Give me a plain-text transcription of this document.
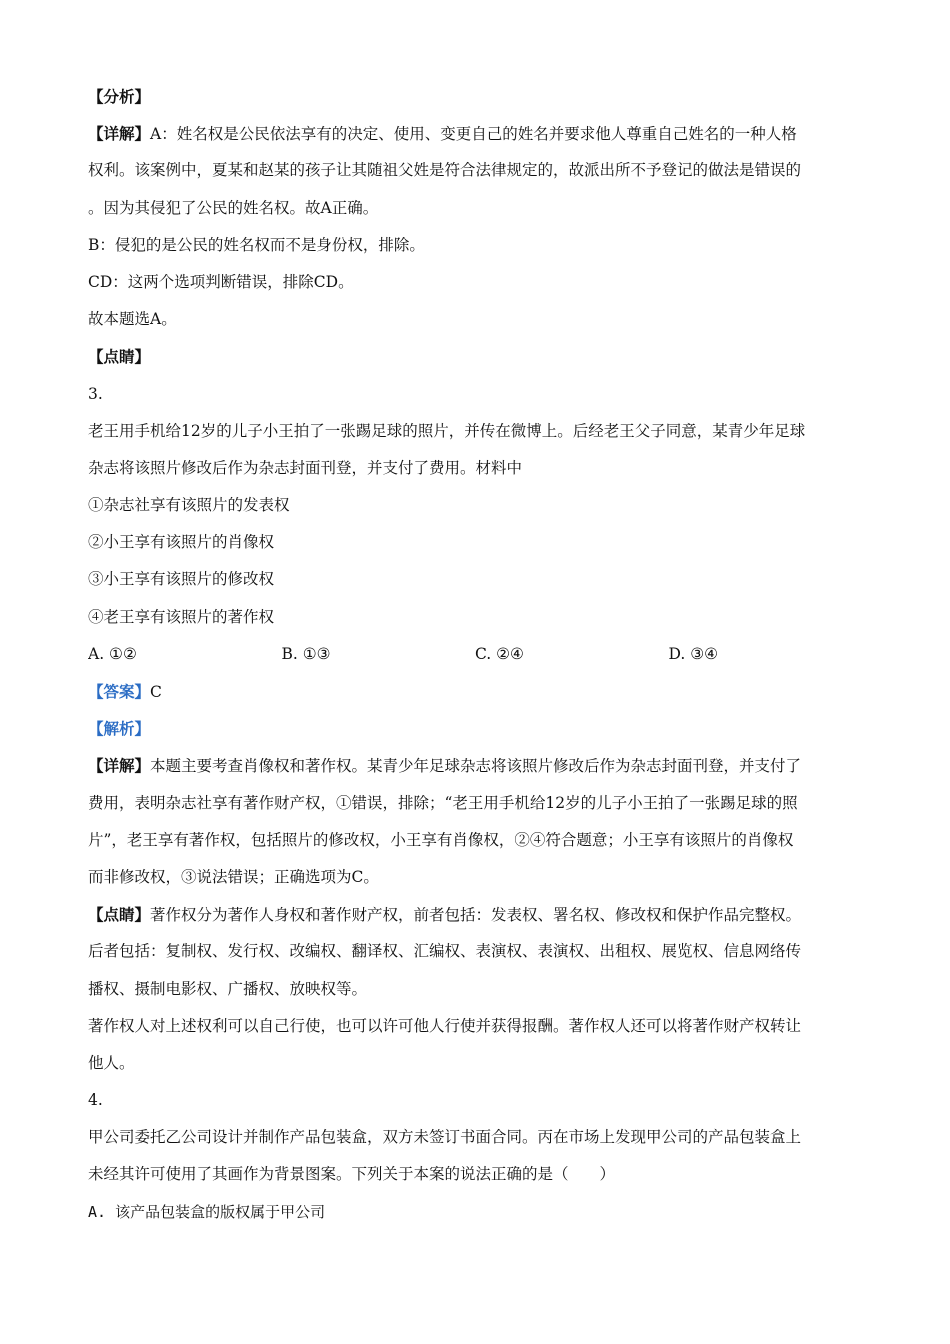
【分析】
【详解】A：姓名权是公民依法享有的决定、使用、变更自己的姓名并要求他人尊重自己姓名的一种人格
权利。该案例中，夏某和赵某的孩子让其随祖父姓是符合法律规定的，故派出所不予登记的做法是错误的
。因为其侵犯了公民的姓名权。故A正确。
B：侵犯的是公民的姓名权而不是身份权，排除。
CD：这两个选项判断错误，排除CD。
故本题选A。
【点睛】
3.
老王用手机给12岁的儿子小王拍了一张踢足球的照片，并传在微博上。后经老王父子同意，某青少年足球
杂志将该照片修改后作为杂志封面刊登，并支付了费用。材料中
①杂志社享有该照片的发表权
②小王享有该照片的肖像权
③小王享有该照片的修改权
④老王享有该照片的著作权
A. ①②	B. ①③	C. ②④	D. ③④
【答案】C
【解析】
【详解】本题主要考查肖像权和著作权。某青少年足球杂志将该照片修改后作为杂志封面刊登，并支付了
费用，表明杂志社享有著作财产权，①错误，排除；“老王用手机给12岁的儿子小王拍了一张踢足球的照
片”，老王享有著作权，包括照片的修改权，小王享有肖像权，②④符合题意；小王享有该照片的肖像权
而非修改权，③说法错误；正确选项为C。
【点睛】著作权分为著作人身权和著作财产权，前者包括：发表权、署名权、修改权和保护作品完整权。
后者包括：复制权、发行权、改编权、翻译权、汇编权、表演权、表演权、出租权、展览权、信息网络传
播权、摄制电影权、广播权、放映权等。
著作权人对上述权利可以自己行使，也可以许可他人行使并获得报酬。著作权人还可以将著作财产权转让
他人。
4.
甲公司委托乙公司设计并制作产品包装盒，双方未签订书面合同。丙在市场上发现甲公司的产品包装盒上
未经其许可使用了其画作为背景图案。下列关于本案的说法正确的是（　　）
A. 该产品包装盒的版权属于甲公司
